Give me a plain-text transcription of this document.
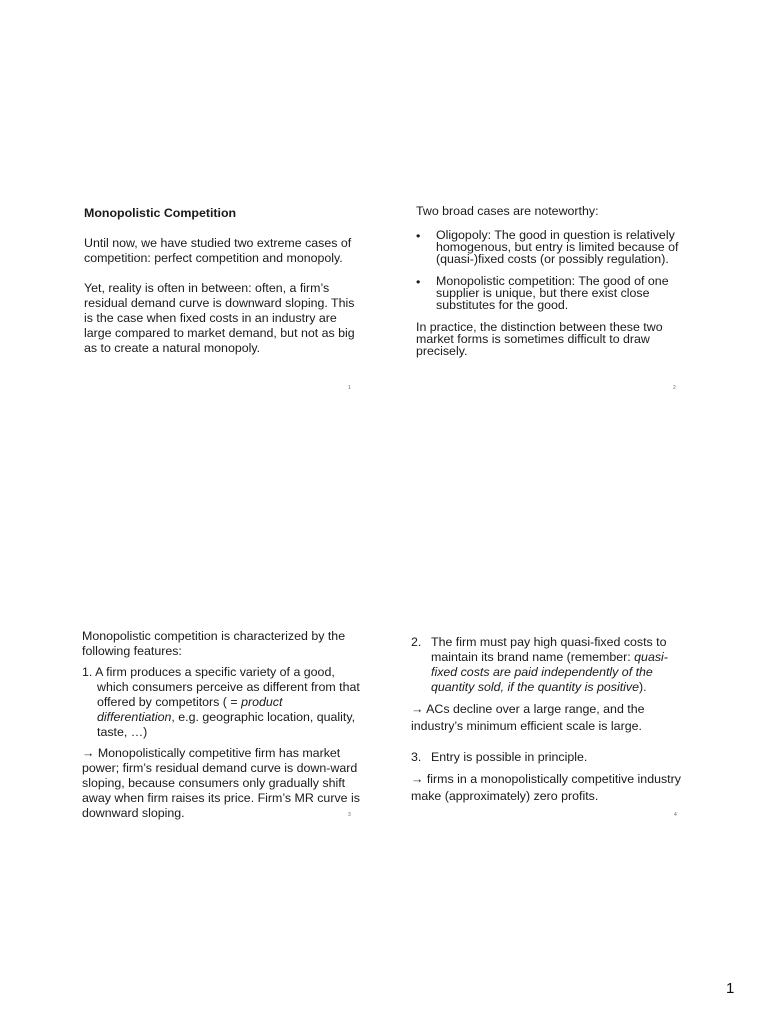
Monopolistic Competition

Until now, we have studied two extreme cases of competition: perfect competition and monopoly.

Yet, reality is often in between: often, a firm’s residual demand curve is downward sloping. This is the case when fixed costs in an industry are large compared to market demand, but not as big as to create a natural monopoly.

1

Two broad cases are noteworthy:

•	Oligopoly: The good in question is relatively homogenous, but entry is limited because of (quasi-)fixed costs (or possibly regulation).
•	Monopolistic competition: The good of one supplier is unique, but there exist close substitutes for the good.

In practice, the distinction between these two market forms is sometimes difficult to draw precisely.

2

Monopolistic competition is characterized by the following features:

1. A firm produces a specific variety of a good, which consumers perceive as different from that offered by competitors ( = product differentiation, e.g. geographic location, quality, taste, …)

→ Monopolistically competitive firm has market power; firm’s residual demand curve is down-ward sloping, because consumers only gradually shift away when firm raises its price. Firm’s MR curve is downward sloping.	3
2. The firm must pay high quasi-fixed costs to maintain its brand name (remember: quasi-fixed costs are paid independently of the quantity sold, if the quantity is positive).

→ ACs decline over a large range, and the industry’s minimum efficient scale is large.

3. Entry is possible in principle.

→ firms in a monopolistically competitive industry make (approximately) zero profits.

4
1
